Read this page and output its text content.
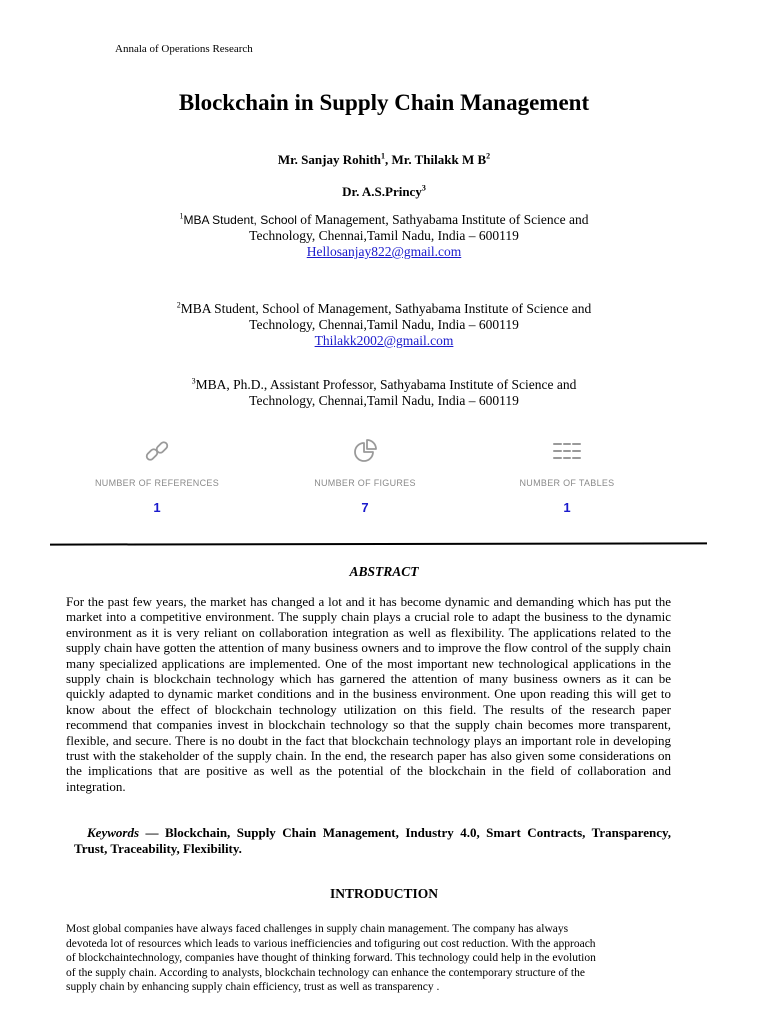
Annala of Operations Research
Blockchain in Supply Chain Management
Mr. Sanjay Rohith$^1$, Mr. Thilakk M $B^2$
Dr. A.S.Princy$^3$
$^1$MBA Student, School of Management, Sathyabama Institute of Science and
Technology, Chennai,Tamil Nadu, India – 600119
Hellosanjay822@gmail.com
$^2$MBA Student, School of Management, Sathyabama Institute of Science and
Technology, Chennai,Tamil Nadu, India – 600119
Thilakk2002@gmail.com
$^3$MBA, Ph.D., Assistant Professor, Sathyabama Institute of Science and
Technology, Chennai,Tamil Nadu, India – 600119
NUMBER OF REFERENCES
1
NUMBER OF FIGURES
7
NUMBER OF TABLES
1
ABSTRACT
For the past few years, the market has changed a lot and it has become dynamic and demanding which has put the market into a competitive environment. The supply chain plays a crucial role to adapt the business to the dynamic environment as it is very reliant on collaboration integration as well as flexibility. The applications related to the supply chain have gotten the attention of many business owners and to improve the flow control of the supply chain many specialized applications are implemented. One of the most important new technological applications in the supply chain is blockchain technology which has garnered the attention of many business owners as it can be quickly adapted to dynamic market conditions and in the business environment. One upon reading this will get to know about the effect of blockchain technology utilization on this field. The results of the research paper recommend that companies invest in blockchain technology so that the supply chain becomes more transparent, flexible, and secure. There is no doubt in the fact that blockchain technology plays an important role in developing trust with the stakeholder of the supply chain. In the end, the research paper has also given some considerations on the implications that are positive as well as the potential of the blockchain in the field of collaboration and integration.
Keywords — Blockchain, Supply Chain Management, Industry 4.0, Smart Contracts, Transparency, Trust, Traceability, Flexibility.
INTRODUCTION
Most global companies have always faced challenges in supply chain management. The company has always
devoteda lot of resources which leads to various inefficiencies and tofiguring out cost reduction. With the approach
of blockchaintechnology, companies have thought of thinking forward. This technology could help in the evolution
of the supply chain. According to analysts, blockchain technology can enhance the contemporary structure of the
supply chain by enhancing supply chain efficiency, trust as well as transparency .
